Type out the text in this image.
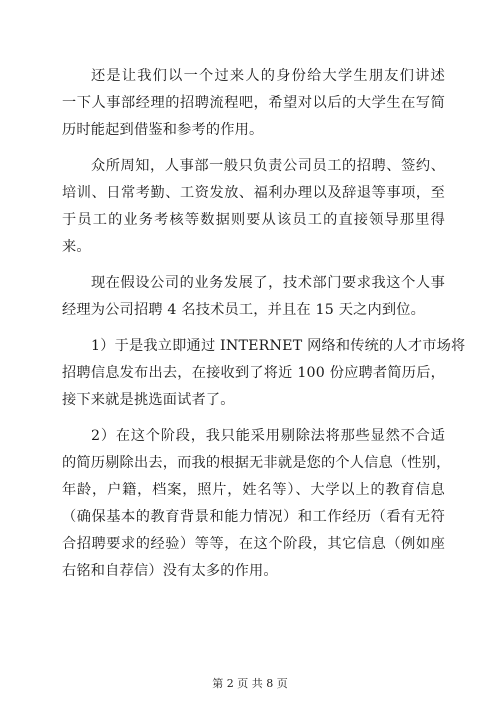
还是让我们以一个过来人的身份给大学生朋友们讲述
一下人事部经理的招聘流程吧，希望对以后的大学生在写简
历时能起到借鉴和参考的作用。
众所周知，人事部一般只负责公司员工的招聘、签约、
培训、日常考勤、工资发放、福利办理以及辞退等事项，至
于员工的业务考核等数据则要从该员工的直接领导那里得
来。
现在假设公司的业务发展了，技术部门要求我这个人事
经理为公司招聘 4 名技术员工，并且在 15 天之内到位。
1）于是我立即通过 INTERNET 网络和传统的人才市场将
招聘信息发布出去，在接收到了将近 100 份应聘者简历后，
接下来就是挑选面试者了。
2）在这个阶段，我只能采用剔除法将那些显然不合适
的简历剔除出去，而我的根据无非就是您的个人信息（性别，
年龄，户籍，档案，照片，姓名等）、大学以上的教育信息
（确保基本的教育背景和能力情况）和工作经历（看有无符
合招聘要求的经验）等等，在这个阶段，其它信息（例如座
右铭和自荐信）没有太多的作用。
第 2 页 共 8 页
